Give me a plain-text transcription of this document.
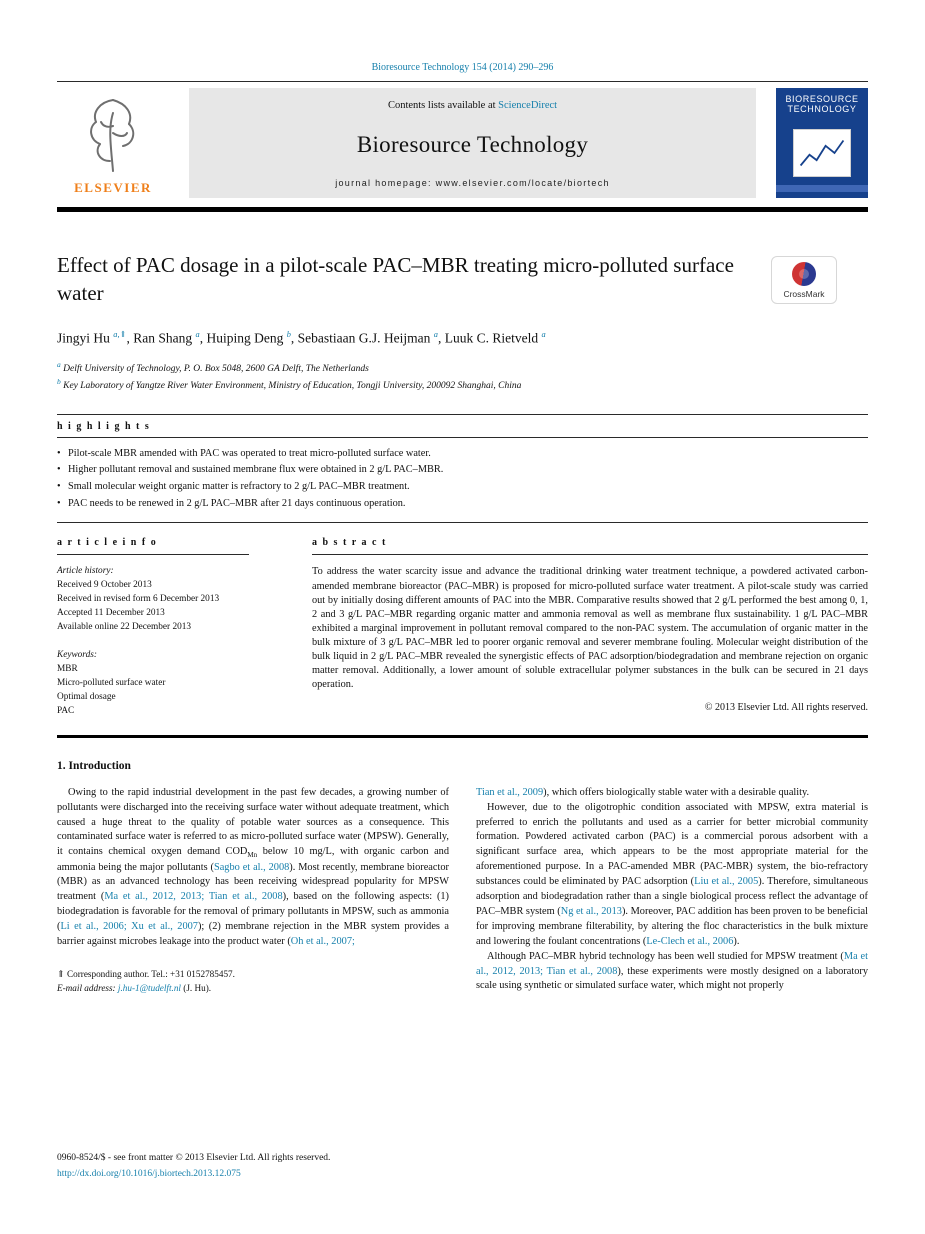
Bioresource Technology 154 (2014) 290–296
ELSEVIER
Contents lists available at ScienceDirect
Bioresource Technology
journal homepage: www.elsevier.com/locate/biortech
BIORESOURCE
TECHNOLOGY
Effect of PAC dosage in a pilot-scale PAC–MBR treating micro-polluted surface water	CrossMark
Jingyi Hu $^{a,⇑}$, Ran Shang $^a$, Huiping Deng $^b$, Sebastiaan G.J. Heijman $^a$, Luuk C. Rietveld $^a$
$^a$ Delft University of Technology, P. O. Box 5048, 2600 GA Delft, The Netherlands
$^b$ Key Laboratory of Yangtze River Water Environment, Ministry of Education, Tongji University, 200092 Shanghai, China
h i g h l i g h t s
• Pilot-scale MBR amended with PAC was operated to treat micro-polluted surface water.
• Higher pollutant removal and sustained membrane flux were obtained in 2 g/L PAC–MBR.
• Small molecular weight organic matter is refractory to 2 g/L PAC–MBR treatment.
• PAC needs to be renewed in 2 g/L PAC–MBR after 21 days continuous operation.
a r t i c l e i n f o
Article history:
Received 9 October 2013
Received in revised form 6 December 2013
Accepted 11 December 2013
Available online 22 December 2013
Keywords:
MBR
Micro-polluted surface water
Optimal dosage
PAC
a b s t r a c t
To address the water scarcity issue and advance the traditional drinking water treatment technique, a powdered activated carbon-amended membrane bioreactor (PAC–MBR) is proposed for micro-polluted surface water treatment. A pilot-scale study was carried out by initially dosing different amounts of PAC into the MBR. Comparative results showed that 2 g/L performed the best among 0, 1, 2 and 3 g/L PAC–MBR regarding organic matter and ammonia removal as well as membrane flux sustainability. 1 g/L PAC–MBR exhibited a marginal improvement in pollutant removal compared to the non-PAC system. The accumulation of organic matter in the bulk mixture of 3 g/L PAC–MBR led to poorer organic removal and severer membrane fouling. Molecular weight distribution of the bulk liquid in 2 g/L PAC–MBR revealed the synergistic effects of PAC adsorption/biodegradation and membrane rejection on organic matter removal. Additionally, a lower amount of soluble extracellular polymer substances in the bulk can be secured in 21 days operation.
© 2013 Elsevier Ltd. All rights reserved.
1. Introduction

Owing to the rapid industrial development in the past few decades, a growing number of pollutants were discharged into the receiving surface water without adequate treatment, which caused a huge threat to the quality of potable water sources as a consequence. This contaminated surface water is referred to as micro-polluted surface water (MPSW). Generally, it contains chemical oxygen demand $COD_{Mn}$ below 10 mg/L, with organic carbon and ammonia being the major pollutants (Sagbo et al., 2008). Most recently, membrane bioreactor (MBR) as an advanced technology has been receiving widespread popularity for MPSW treatment (Ma et al., 2012, 2013; Tian et al., 2008), based on the following aspects: (1) biodegradation is favorable for the removal of primary pollutants in MPSW, such as ammonia (Li et al., 2006; Xu et al., 2007); (2) membrane rejection in the MBR system provides a barrier against microbes leakage into the product water (Oh et al., 2007;

⇑ Corresponding author. Tel.: +31 0152785457.
E-mail address: j.hu-1@tudelft.nl (J. Hu).

Tian et al., 2009), which offers biologically stable water with a desirable quality.

However, due to the oligotrophic condition associated with MPSW, extra material is preferred to enrich the pollutants and used as a carrier for better microbial community formation. Powdered activated carbon (PAC) is a commercial porous adsorbent with a significant surface area, which appears to be the most appropriate material for the aforementioned purpose. In a PAC-amended MBR (PAC-MBR) system, the bio-refractory substances could be eliminated by PAC adsorption (Liu et al., 2005). Therefore, simultaneous adsorption and biodegradation rather than a single biological process reflect the advantage of PAC–MBR system (Ng et al., 2013). Moreover, PAC addition has been proven to be beneficial for improving membrane filterability, by altering the floc characteristics in the bulk mixture and lowering the foulant concentrations (Le-Clech et al., 2006).

Although PAC–MBR hybrid technology has been well studied for MPSW treatment (Ma et al., 2012, 2013; Tian et al., 2008), these experiments were mostly designed on a laboratory scale using synthetic or simulated surface water, which might not properly

0960-8524/$ - see front matter © 2013 Elsevier Ltd. All rights reserved.
http://dx.doi.org/10.1016/j.biortech.2013.12.075
